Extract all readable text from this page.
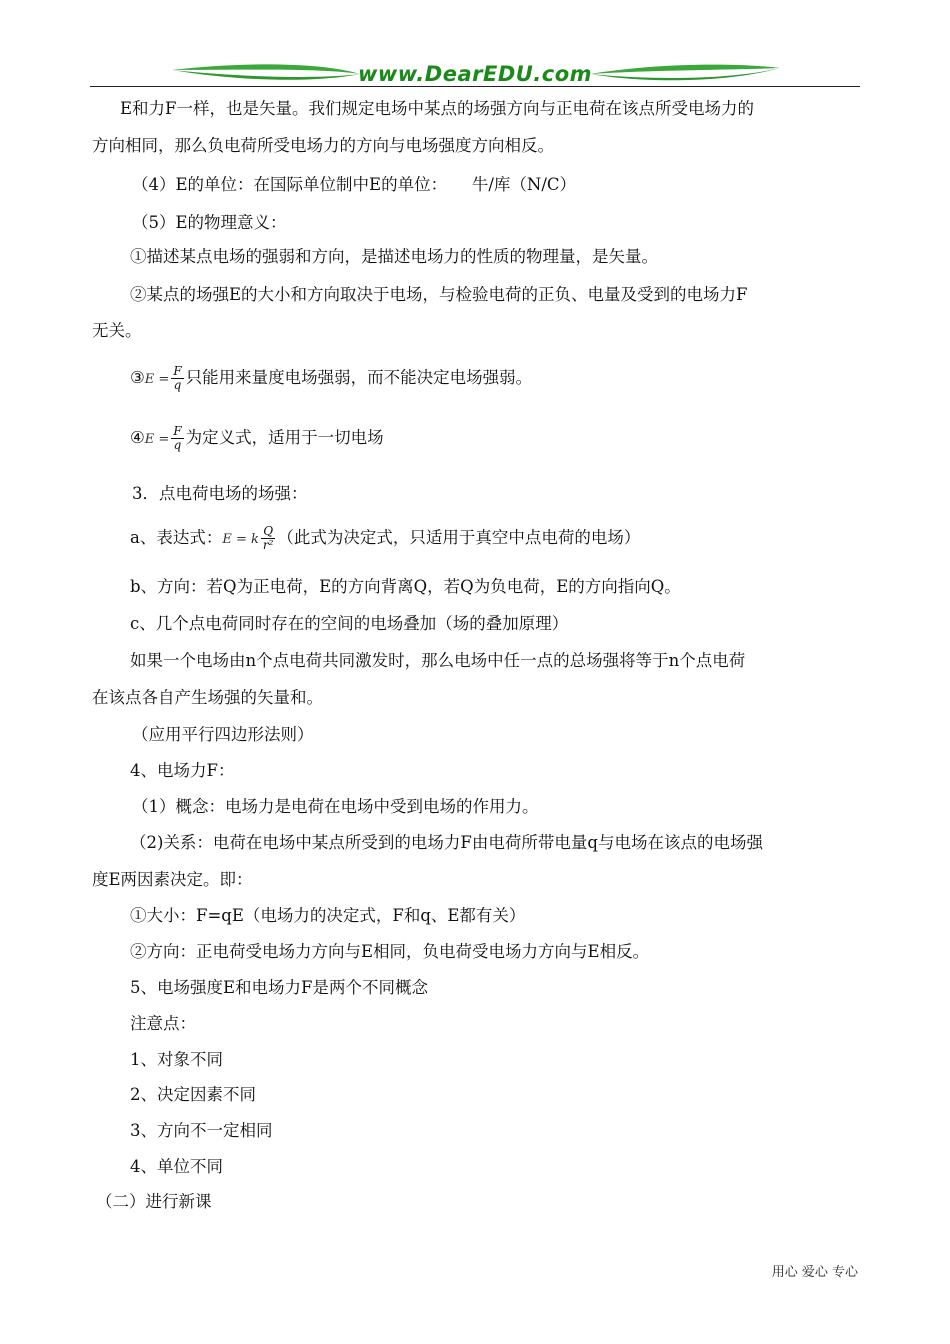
www.DearEDU.com
E和力F一样，也是矢量。我们规定电场中某点的场强方向与正电荷在该点所受电场力的
方向相同，那么负电荷所受电场力的方向与电场强度方向相反。
（4）E的单位：在国际单位制中E的单位：　　牛/库（N/C）
（5）E的物理意义：
①描述某点电场的强弱和方向，是描述电场力的性质的物理量，是矢量。
②某点的场强E的大小和方向取决于电场，与检验电荷的正负、电量及受到的电场力F
无关。
③E = $\frac{F}{q}$ 只能用来量度电场强弱，而不能决定电场强弱。
④E = $\frac{F}{q}$ 为定义式，适用于一切电场
3．点电荷电场的场强：
a、表达式：E = k $\frac{Q}{\text{r²}}$ （此式为决定式，只适用于真空中点电荷的电场）
b、方向：若Q为正电荷，E的方向背离Q，若Q为负电荷，E的方向指向Q。
c、几个点电荷同时存在的空间的电场叠加（场的叠加原理）
如果一个电场由n个点电荷共同激发时，那么电场中任一点的总场强将等于n个点电荷
在该点各自产生场强的矢量和。
（应用平行四边形法则）
4、电场力F：
（1）概念：电场力是电荷在电场中受到电场的作用力。
（2)关系：电荷在电场中某点所受到的电场力F由电荷所带电量q与电场在该点的电场强
度E两因素决定。即：
①大小：F=qE（电场力的决定式，F和q、E都有关）
②方向：正电荷受电场力方向与E相同，负电荷受电场力方向与E相反。
5、电场强度E和电场力F是两个不同概念
注意点：
1、对象不同
2、决定因素不同
3、方向不一定相同
4、单位不同
（二）进行新课
用心 爱心 专心
